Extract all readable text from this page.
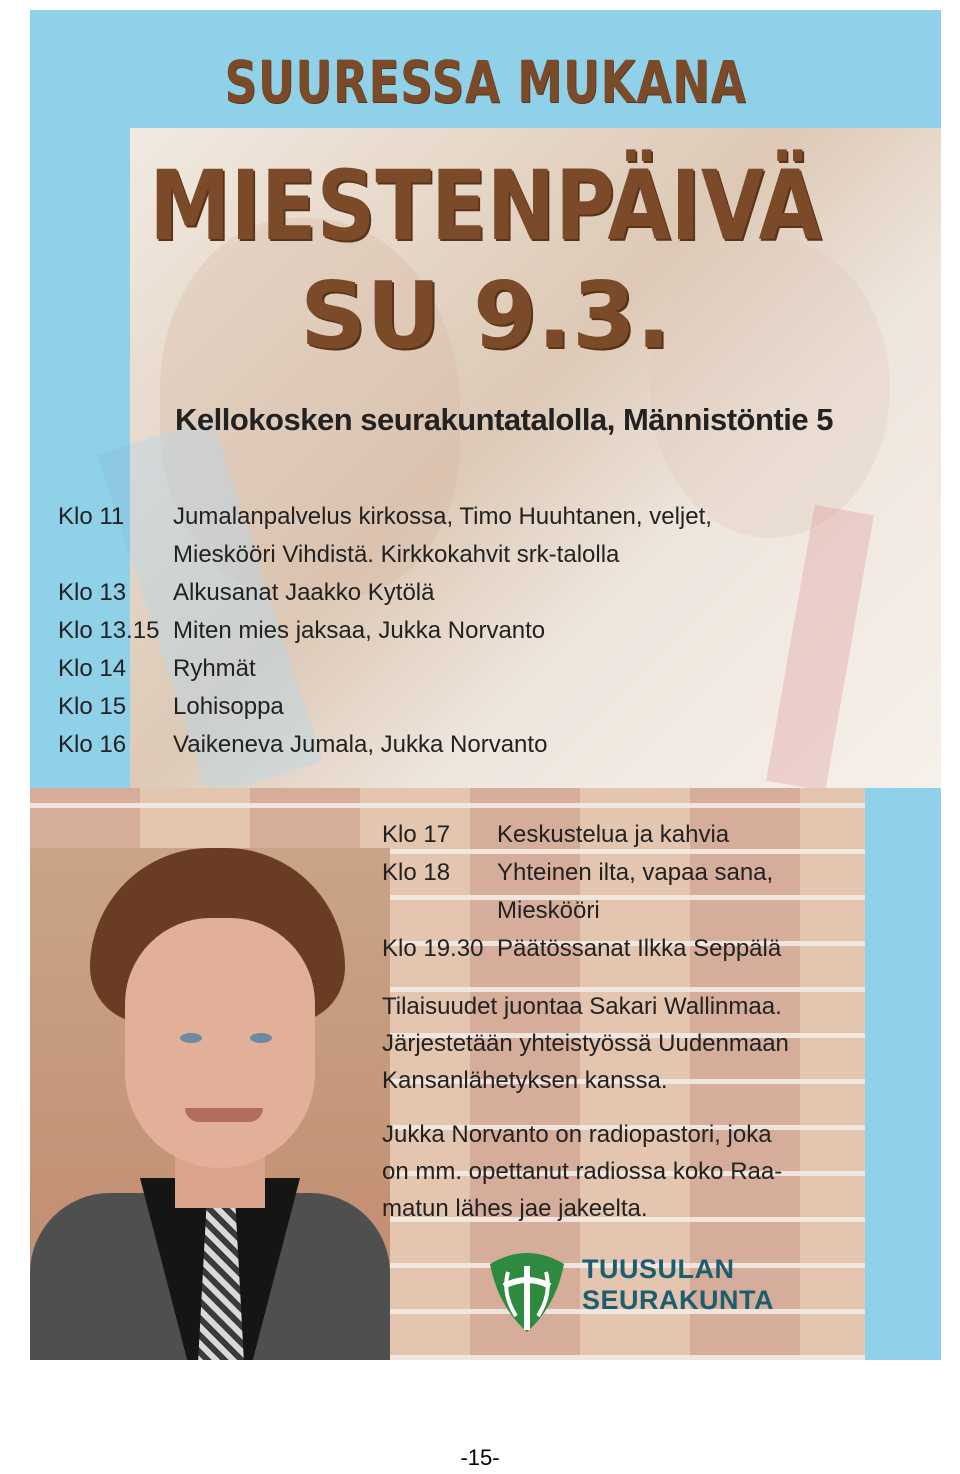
SUURESSA MUKANA
MIESTENPÄIVÄ
SU 9.3.
Kellokosken seurakuntatalolla, Männistöntie 5
Klo 11	Jumalanpalvelus kirkossa, Timo Huuhtanen, veljet,
Mieskööri Vihdistä. Kirkkokahvit srk-talolla
Klo 13	Alkusanat Jaakko Kytölä
Klo 13.15 Miten mies jaksaa, Jukka Norvanto
Klo 14	Ryhmät
Klo 15	Lohisoppa
Klo 16	Vaikeneva Jumala, Jukka Norvanto
Klo 17	Keskustelua ja kahvia
Klo 18	Yhteinen ilta, vapaa sana,
Mieskööri
Klo 19.30 Päätössanat Ilkka Seppälä
Tilaisuudet juontaa Sakari Wallinmaa.
Järjestetään yhteistyössä Uudenmaan
Kansanlähetyksen kanssa.
Jukka Norvanto on radiopastori, joka
on mm. opettanut radiossa koko Raa-
matun lähes jae jakeelta.
TUUSULAN
SEURAKUNTA
-15-
